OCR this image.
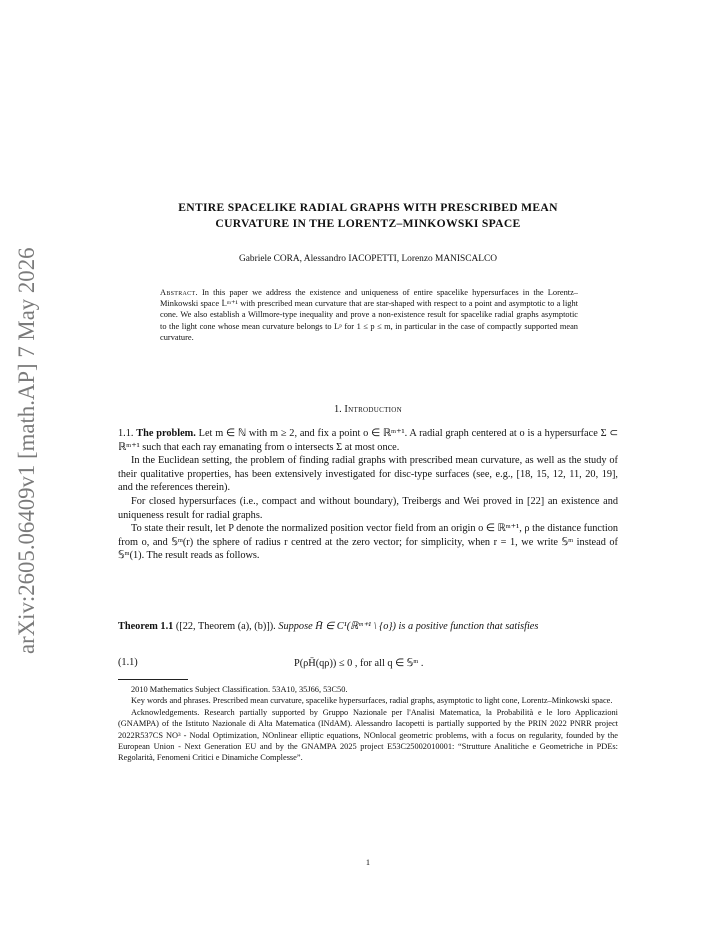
arXiv:2605.06409v1 [math.AP] 7 May 2026
ENTIRE SPACELIKE RADIAL GRAPHS WITH PRESCRIBED MEAN
CURVATURE IN THE LORENTZ–MINKOWSKI SPACE
Gabriele CORA, Alessandro IACOPETTI, Lorenzo MANISCALCO
Abstract. In this paper we address the existence and uniqueness of entire spacelike hypersurfaces in the Lorentz–Minkowski space 𝕃ᵐ⁺¹ with prescribed mean curvature that are star-shaped with respect to a point and asymptotic to a light cone. We also establish a Willmore-type inequality and prove a non-existence result for spacelike radial graphs asymptotic to the light cone whose mean curvature belongs to Lᵖ for 1 ≤ p ≤ m, in particular in the case of compactly supported mean curvature.
1. Introduction

1.1. The problem. Let m ∈ ℕ with m ≥ 2, and fix a point o ∈ ℝᵐ⁺¹. A radial graph centered at o is a hypersurface Σ ⊂ ℝᵐ⁺¹ such that each ray emanating from o intersects Σ at most once.

In the Euclidean setting, the problem of finding radial graphs with prescribed mean curvature, as well as the study of their qualitative properties, has been extensively investigated for disc-type surfaces (see, e.g., [18, 15, 12, 11, 20, 19], and the references therein).

For closed hypersurfaces (i.e., compact and without boundary), Treibergs and Wei proved in [22] an existence and uniqueness result for radial graphs.

To state their result, let P denote the normalized position vector field from an origin o ∈ ℝᵐ⁺¹, ρ the distance function from o, and 𝕊ᵐ(r) the sphere of radius r centred at the zero vector; for simplicity, when r = 1, we write 𝕊ᵐ instead of 𝕊ᵐ(1). The result reads as follows.

Theorem 1.1 ([22, Theorem (a), (b)]). Suppose H̄ ∈ C¹(ℝᵐ⁺¹ \ {o}) is a positive function that satisfies
(1.1)	P(ρH̄(qρ)) ≤ 0 , for all q ∈ 𝕊ᵐ .

2010 Mathematics Subject Classification. 53A10, 35J66, 53C50.

Key words and phrases. Prescribed mean curvature, spacelike hypersurfaces, radial graphs, asymptotic to light cone, Lorentz–Minkowski space.

Acknowledgements. Research partially supported by Gruppo Nazionale per l'Analisi Matematica, la Probabilità e le loro Applicazioni (GNAMPA) of the Istituto Nazionale di Alta Matematica (INdAM). Alessandro Iacopetti is partially supported by the PRIN 2022 PNRR project 2022R537CS NO³ - Nodal Optimization, NOnlinear elliptic equations, NOnlocal geometric problems, with a focus on regularity, founded by the European Union - Next Generation EU and by the GNAMPA 2025 project E53C25002010001: “Strutture Analitiche e Geometriche in PDEs: Regolarità, Fenomeni Critici e Dinamiche Complesse”.

1
